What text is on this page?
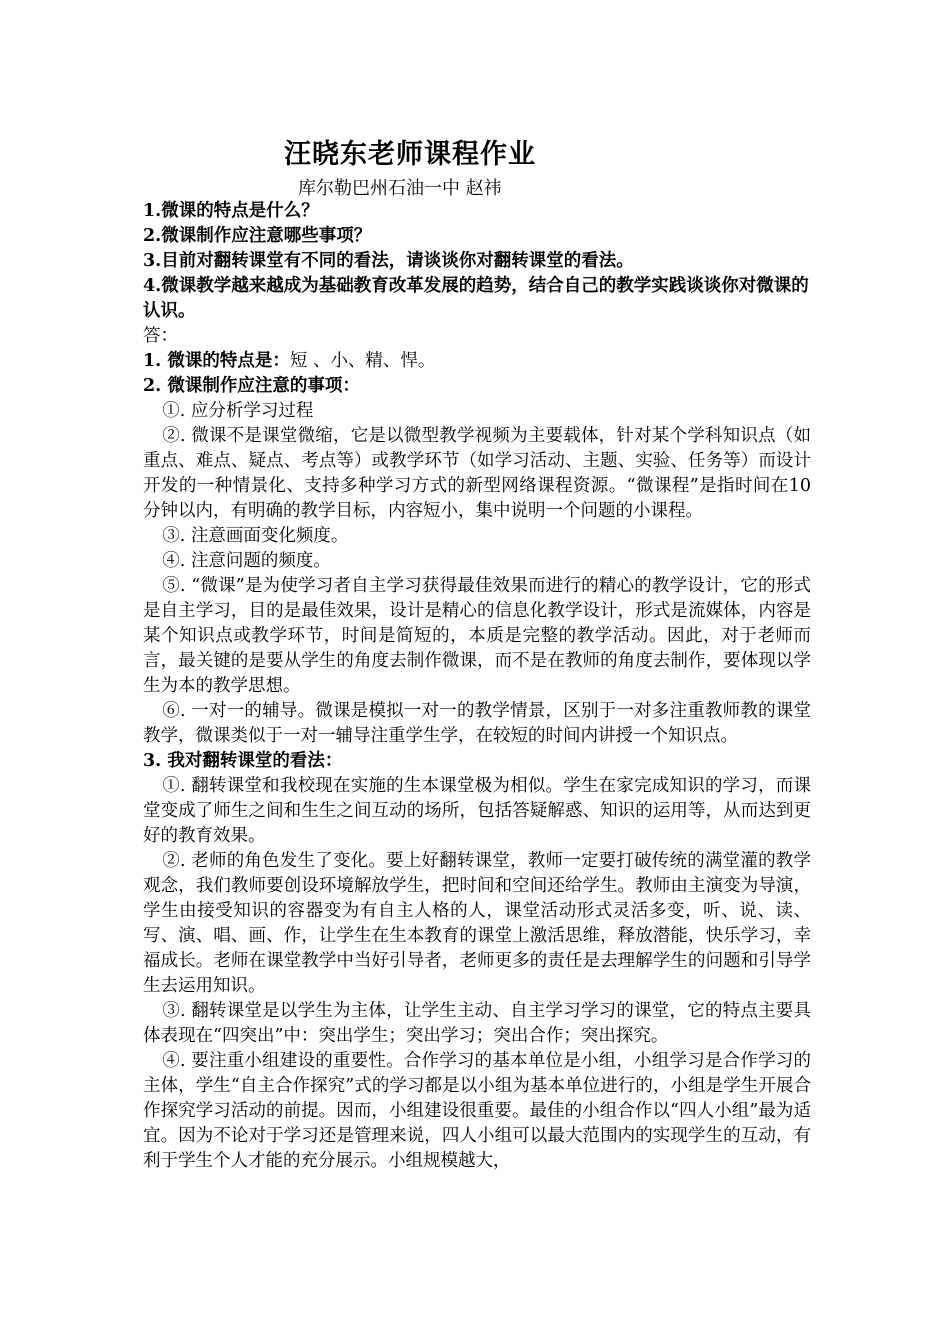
汪晓东老师课程作业
库尔勒巴州石油一中 赵祎
1.微课的特点是什么？
2.微课制作应注意哪些事项？
3.目前对翻转课堂有不同的看法，请谈谈你对翻转课堂的看法。
4.微课教学越来越成为基础教育改革发展的趋势，结合自己的教学实践谈谈你对微课的认识。
答：
1. 微课的特点是：短 、小、精、悍。
2. 微课制作应注意的事项：
①. 应分析学习过程
②. 微课不是课堂微缩，它是以微型教学视频为主要载体，针对某个学科知识点（如重点、难点、疑点、考点等）或教学环节（如学习活动、主题、实验、任务等）而设计开发的一种情景化、支持多种学习方式的新型网络课程资源。“微课程”是指时间在10分钟以内，有明确的教学目标，内容短小，集中说明一个问题的小课程。
③. 注意画面变化频度。
④. 注意问题的频度。
⑤. “微课”是为使学习者自主学习获得最佳效果而进行的精心的教学设计，它的形式是自主学习，目的是最佳效果，设计是精心的信息化教学设计，形式是流媒体，内容是某个知识点或教学环节，时间是简短的，本质是完整的教学活动。因此，对于老师而言，最关键的是要从学生的角度去制作微课，而不是在教师的角度去制作，要体现以学生为本的教学思想。
⑥. 一对一的辅导。微课是模拟一对一的教学情景，区别于一对多注重教师教的课堂教学，微课类似于一对一辅导注重学生学，在较短的时间内讲授一个知识点。
3. 我对翻转课堂的看法：
①. 翻转课堂和我校现在实施的生本课堂极为相似。学生在家完成知识的学习，而课堂变成了师生之间和生生之间互动的场所，包括答疑解惑、知识的运用等，从而达到更好的教育效果。
②. 老师的角色发生了变化。要上好翻转课堂，教师一定要打破传统的满堂灌的教学观念，我们教师要创设环境解放学生，把时间和空间还给学生。教师由主演变为导演，学生由接受知识的容器变为有自主人格的人，课堂活动形式灵活多变，听、说、读、写、演、唱、画、作，让学生在生本教育的课堂上激活思维，释放潜能，快乐学习，幸福成长。老师在课堂教学中当好引导者，老师更多的责任是去理解学生的问题和引导学生去运用知识。
③. 翻转课堂是以学生为主体，让学生主动、自主学习学习的课堂，它的特点主要具体表现在“四突出”中：突出学生；突出学习；突出合作；突出探究。
④. 要注重小组建设的重要性。合作学习的基本单位是小组，小组学习是合作学习的主体，学生“自主合作探究”式的学习都是以小组为基本单位进行的，小组是学生开展合作探究学习活动的前提。因而，小组建设很重要。最佳的小组合作以“四人小组”最为适宜。因为不论对于学习还是管理来说，四人小组可以最大范围内的实现学生的互动，有利于学生个人才能的充分展示。小组规模越大，
